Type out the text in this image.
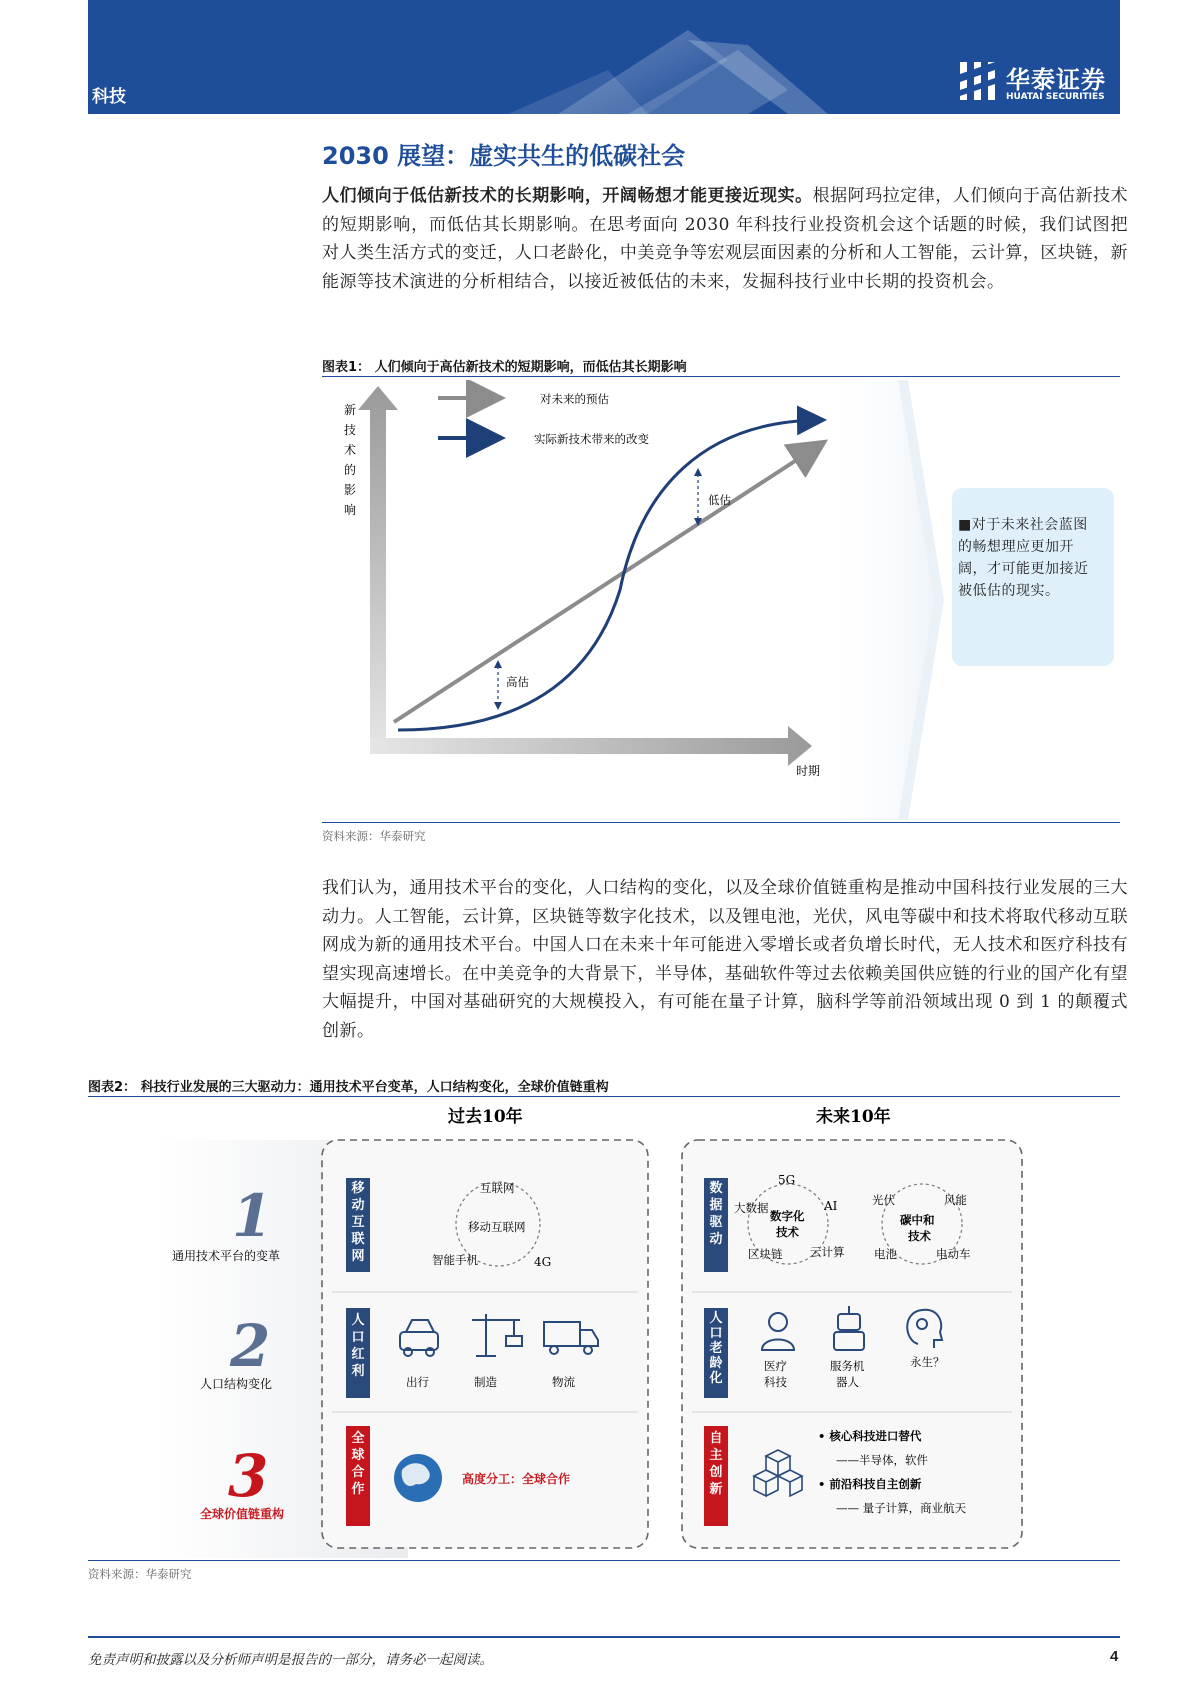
科技
华泰证券
HUATAI SECURITIES
2030 展望：虚实共生的低碳社会
人们倾向于低估新技术的长期影响，开阔畅想才能更接近现实。根据阿玛拉定律，人们倾向于高估新技术的短期影响，而低估其长期影响。在思考面向 2030 年科技行业投资机会这个话题的时候，我们试图把对人类生活方式的变迁，人口老龄化，中美竞争等宏观层面因素的分析和人工智能，云计算，区块链，新能源等技术演进的分析相结合，以接近被低估的未来，发掘科技行业中长期的投资机会。
图表1： 人们倾向于高估新技术的短期影响，而低估其长期影响
新
技
术
的
影
响
时期
对未来的预估
实际新技术带来的改变
低估
高估
■对于未来社会蓝图的畅想理应更加开阔，才可能更加接近被低估的现实。
资料来源：华泰研究
我们认为，通用技术平台的变化，人口结构的变化，以及全球价值链重构是推动中国科技行业发展的三大动力。人工智能，云计算，区块链等数字化技术，以及锂电池，光伏，风电等碳中和技术将取代移动互联网成为新的通用技术平台。中国人口在未来十年可能进入零增长或者负增长时代，无人技术和医疗科技有望实现高速增长。在中美竞争的大背景下，半导体，基础软件等过去依赖美国供应链的行业的国产化有望大幅提升，中国对基础研究的大规模投入，有可能在量子计算，脑科学等前沿领域出现 0 到 1 的颠覆式创新。
图表2： 科技行业发展的三大驱动力：通用技术平台变革，人口结构变化，全球价值链重构
过去10年	未来10年
1
通用技术平台的变革
2
人口结构变化
3
全球价值链重构
移
动
互
联
网
人
口
红
利
全
球
合
作
数
据
驱
动
人
口
老
龄
化
自
主
创
新
互联网
移动互联网
智能手机	4G
5G
大数据	AI
数字化
技术
区块链 云计算
光伏	风能
碳中和
技术
电池	电动车
出行	制造	物流
医疗
科技
服务机
器人
永生？
高度分工：全球合作
• 核心科技进口替代
——半导体，软件
• 前沿科技自主创新
—— 量子计算，商业航天
资料来源：华泰研究
免责声明和披露以及分析师声明是报告的一部分，请务必一起阅读。	4
